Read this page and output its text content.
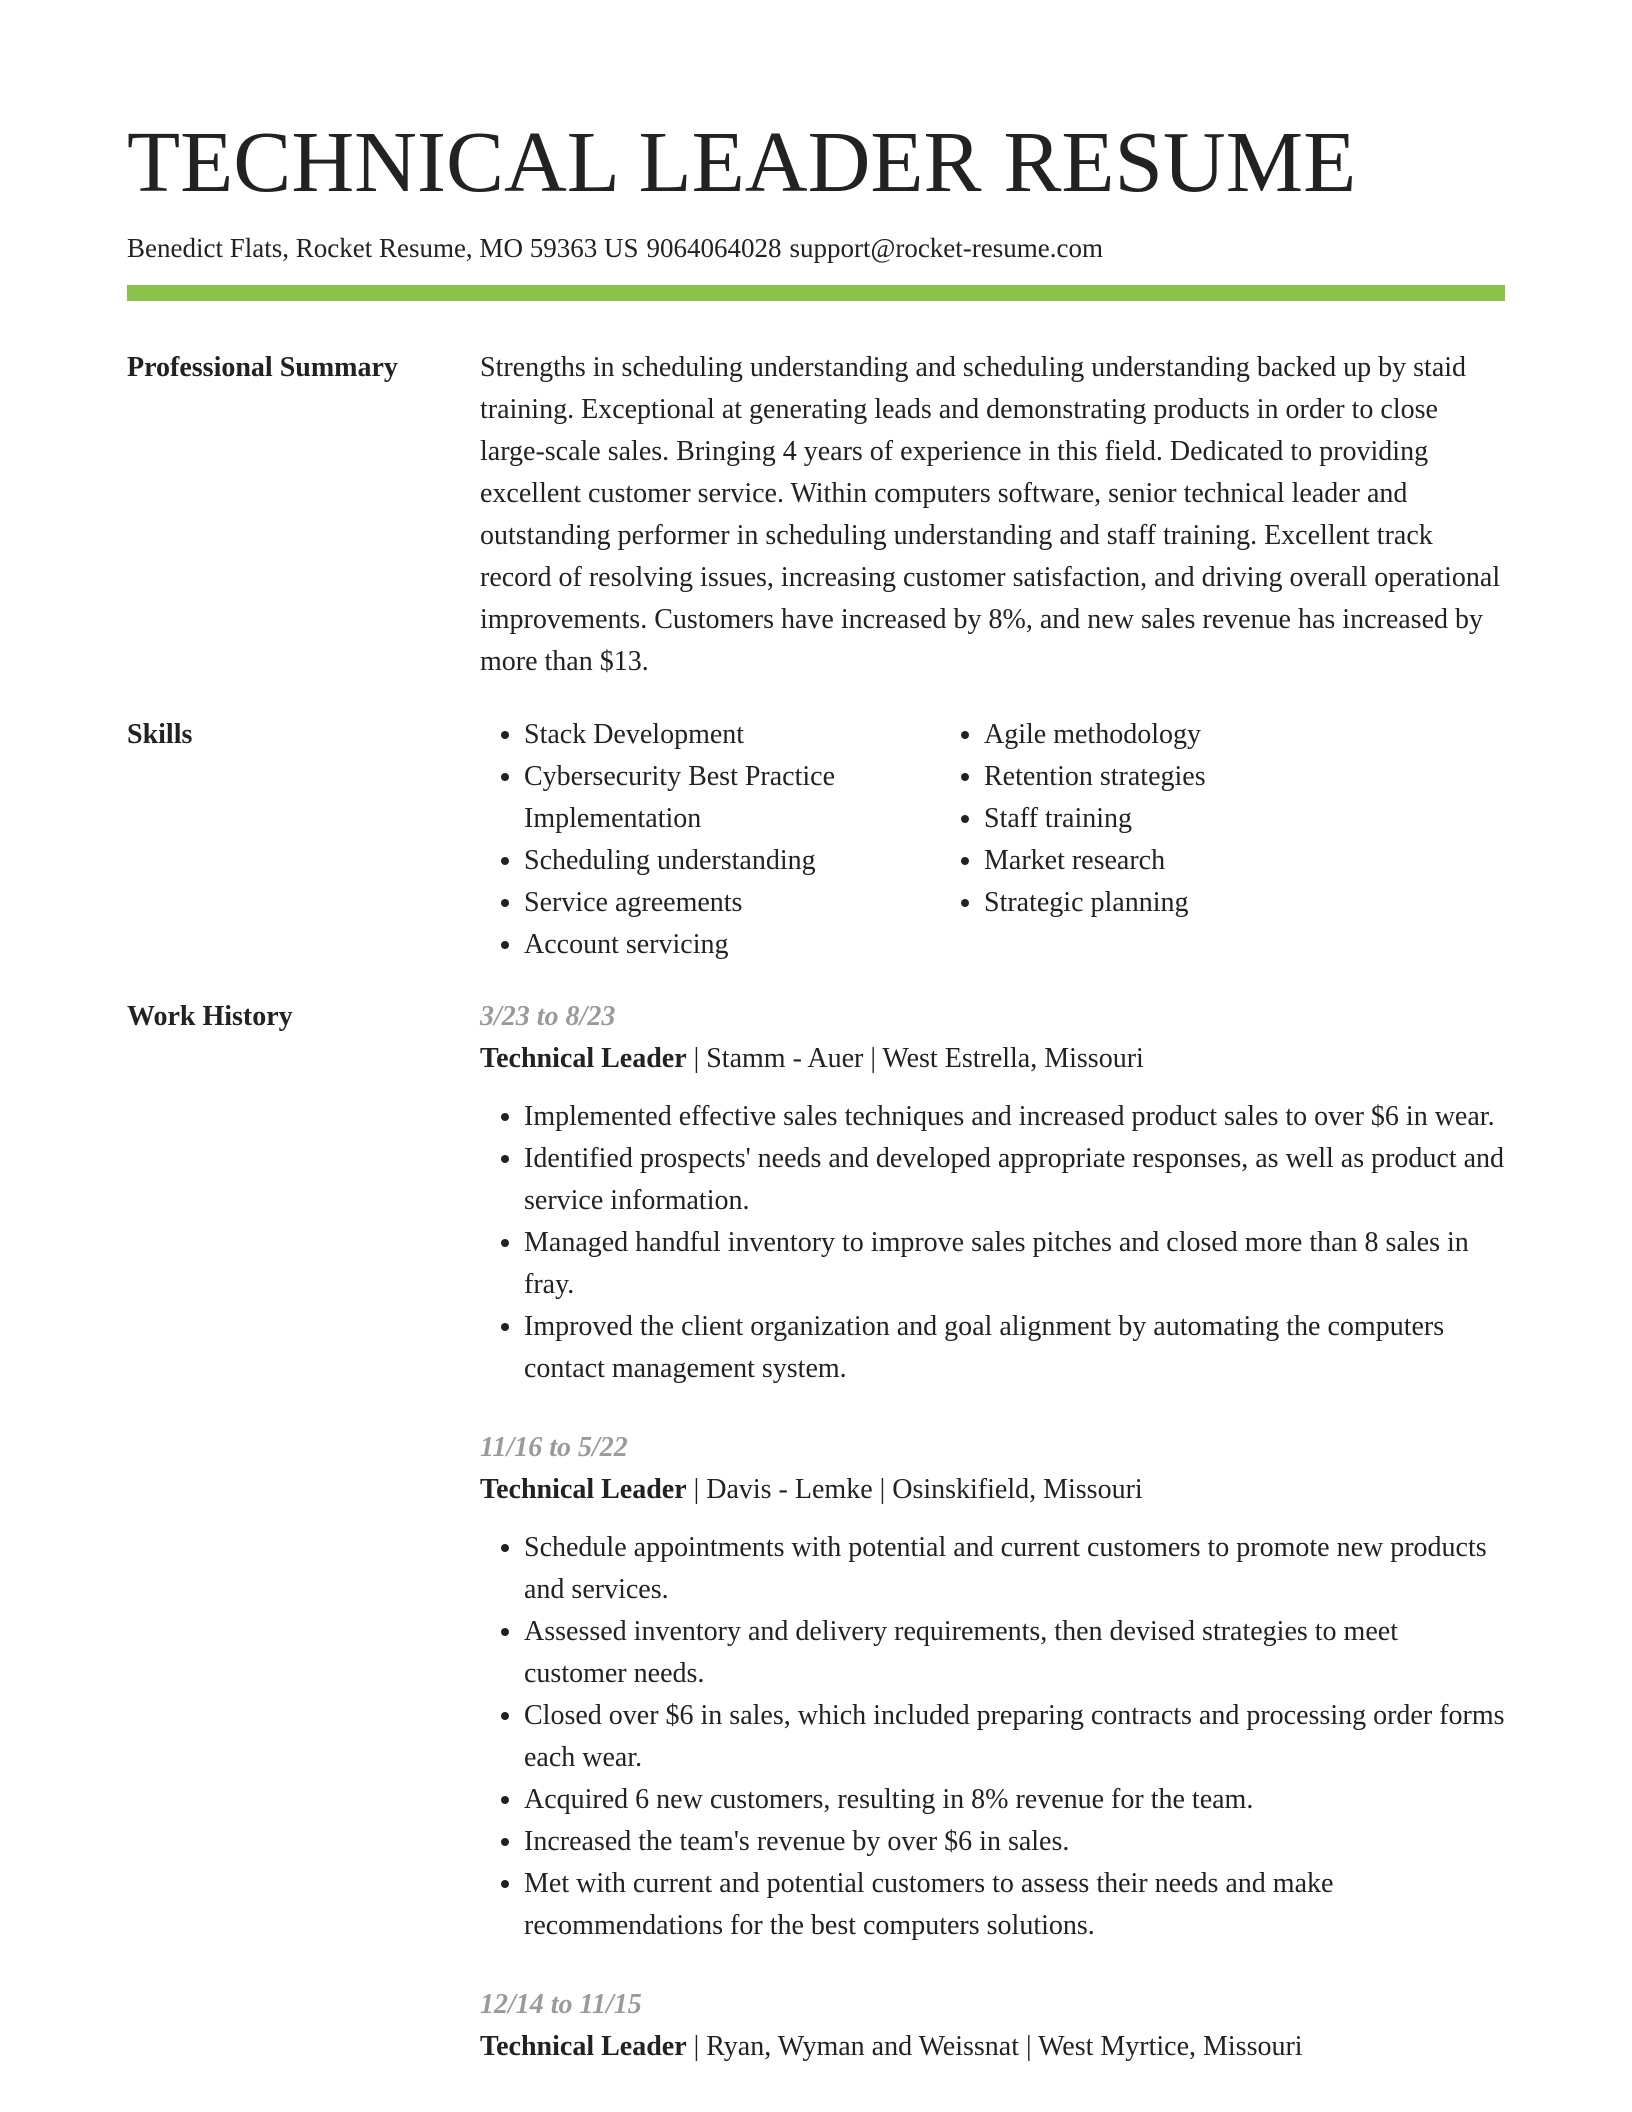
TECHNICAL LEADER RESUME

Benedict Flats, Rocket Resume, MO 59363 US 9064064028 support@rocket-resume.com

Professional Summary	Strengths in scheduling understanding and scheduling understanding backed up by staid training. Exceptional at generating leads and demonstrating products in order to close large-scale sales. Bringing 4 years of experience in this field. Dedicated to providing excellent customer service. Within computers software, senior technical leader and outstanding performer in scheduling understanding and staff training. Excellent track record of resolving issues, increasing customer satisfaction, and driving overall operational improvements. Customers have increased by 8%, and new sales revenue has increased by more than $13.

Skills
•	Stack Development
• Cybersecurity Best Practice Implementation
• Scheduling understanding
• Service agreements
• Account servicing
• Agile methodology
• Retention strategies
• Staff training
• Market research
• Strategic planning
Work History	3/23 to 8/23
Technical Leader | Stamm - Auer | West Estrella, Missouri
• Implemented effective sales techniques and increased product sales to over $6 in wear.
• Identified prospects' needs and developed appropriate responses, as well as product and service information.
• Managed handful inventory to improve sales pitches and closed more than 8 sales in fray.
• Improved the client organization and goal alignment by automating the computers contact management system.
11/16 to 5/22
Technical Leader | Davis - Lemke | Osinskifield, Missouri
• Schedule appointments with potential and current customers to promote new products and services.
• Assessed inventory and delivery requirements, then devised strategies to meet customer needs.
• Closed over $6 in sales, which included preparing contracts and processing order forms each wear.
• Acquired 6 new customers, resulting in 8% revenue for the team.
• Increased the team's revenue by over $6 in sales.
• Met with current and potential customers to assess their needs and make recommendations for the best computers solutions.
12/14 to 11/15
Technical Leader | Ryan, Wyman and Weissnat | West Myrtice, Missouri
